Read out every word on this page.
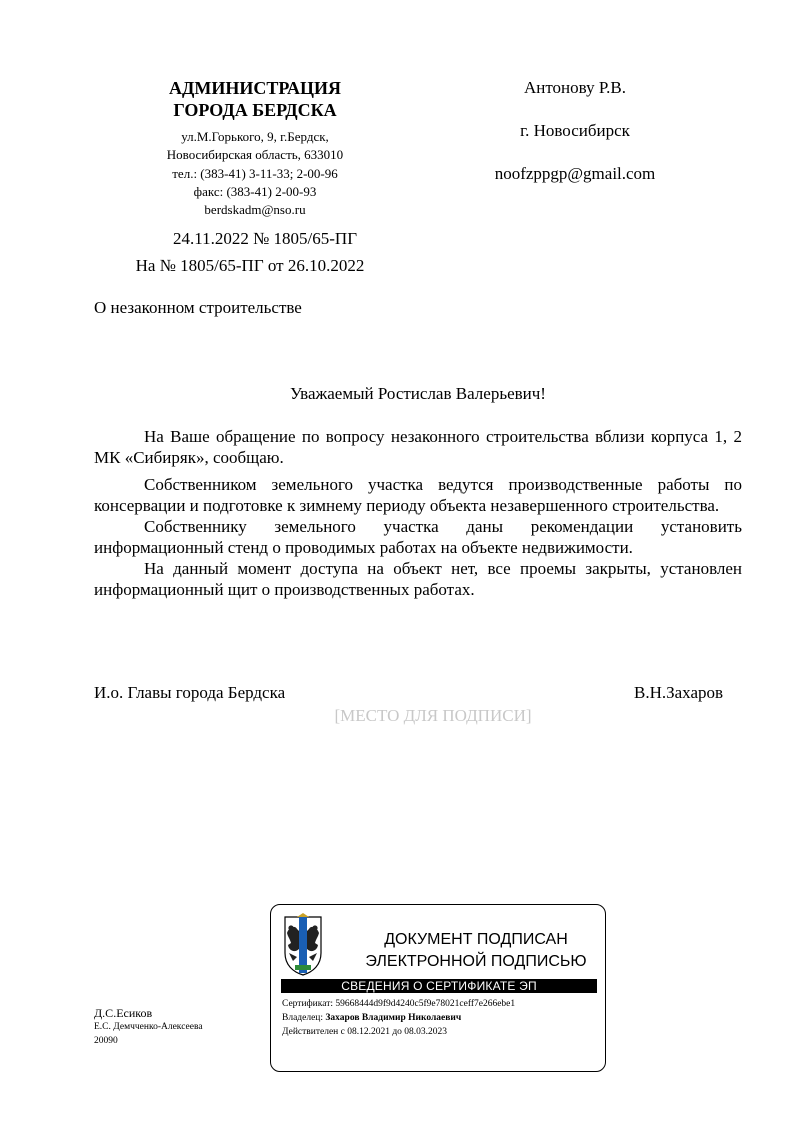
АДМИНИСТРАЦИЯ
ГОРОДА БЕРДСКА
ул.М.Горького, 9, г.Бердск,
Новосибирская область, 633010
тел.: (383-41) 3-11-33; 2-00-96
факс: (383-41) 2-00-93
berdskadm@nso.ru
24.11.2022 № 1805/65-ПГ
На № 1805/65-ПГ от 26.10.2022
Антонову Р.В.
г. Новосибирск
noofzppgp@gmail.com
О незаконном строительстве
Уважаемый Ростислав Валерьевич!

На Ваше обращение по вопросу незаконного строительства вблизи корпуса 1, 2 МК «Сибиряк», сообщаю.

Собственником земельного участка ведутся производственные работы по консервации и подготовке к зимнему периоду объекта незавершенного строительства.

Собственнику земельного участка даны рекомендации установить информационный стенд о проводимых работах на объекте недвижимости.

На данный момент доступа на объект нет, все проемы закрыты, установлен информационный щит о производственных работах.

И.о. Главы города Бердска	В.Н.Захаров
[МЕСТО ДЛЯ ПОДПИСИ]
Д.С.Есиков
Е.С. Демчченко-Алексеева
20090
ДОКУМЕНТ ПОДПИСАН
ЭЛЕКТРОННОЙ ПОДПИСЬЮ
СВЕДЕНИЯ О СЕРТИФИКАТЕ ЭП
Сертификат: 59668444d9f9d4240c5f9e78021ceff7e266ebe1
Владелец: Захаров Владимир Николаевич
Действителен с 08.12.2021 до 08.03.2023
